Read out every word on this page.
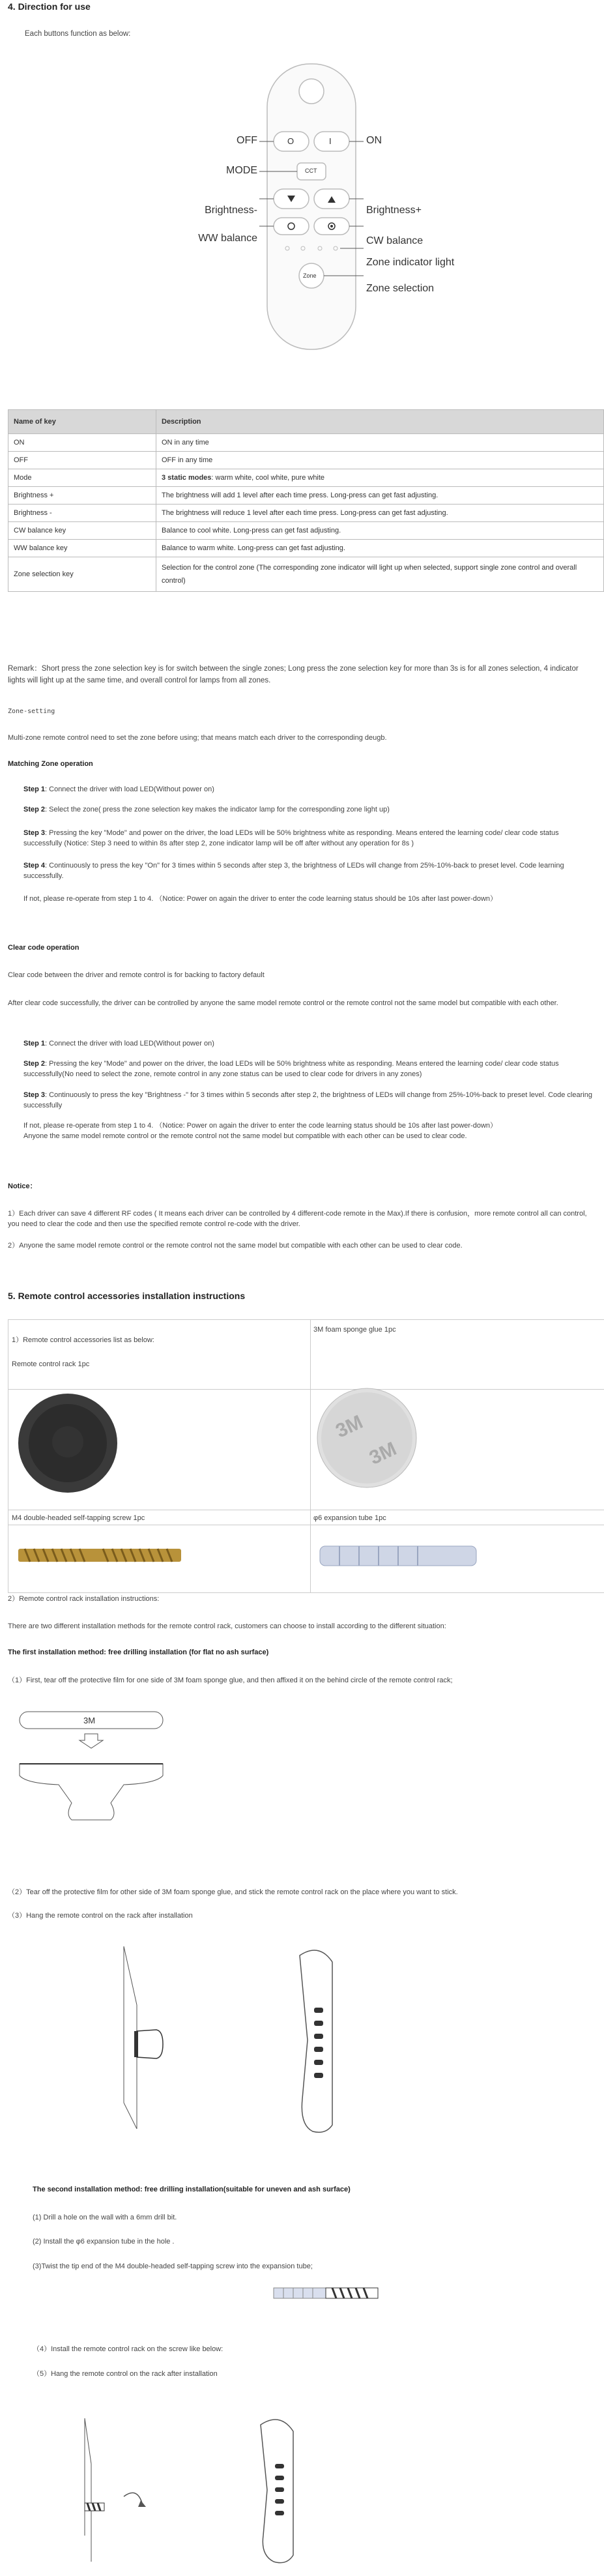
4. Direction for use
Each buttons function as below:
O	I
CCT
Zone
OFF	ON
MODE
Brightness-	Brightness+
WW balance	CW balance
Zone indicator light
Zone selection
Name of key	Description
ON	ON in any time
OFF	OFF in any time
Mode	3 static modes: warm white, cool white, pure white
Brightness +	The brightness will add 1 level after each time press. Long-press can get fast adjusting.
Brightness -	The brightness will reduce 1 level after each time press. Long-press can get fast adjusting.
CW balance key	Balance to cool white. Long-press can get fast adjusting.
WW balance key	Balance to warm white. Long-press can get fast adjusting.
Zone selection key	Selection for the control zone (The corresponding zone indicator will light up when selected, support single zone control and overall control)
Remark：Short press the zone selection key is for switch between the single zones; Long press the zone selection key for more than 3s is for all zones selection, 4 indicator lights will light up at the same time, and overall control for lamps from all zones.
Zone-setting
Multi-zone remote control need to set the zone before using; that means match each driver to the corresponding deugb.
Matching Zone operation
Step 1: Connect the driver with load LED(Without power on)
Step 2: Select the zone( press the zone selection key makes the indicator lamp for the corresponding zone light up)
Step 3: Pressing the key "Mode" and power on the driver, the load LEDs will be 50% brightness white as responding. Means entered the learning code/ clear code status successfully (Notice: Step 3 need to within 8s after step 2, zone indicator lamp will be off after without any operation for 8s )
Step 4: Continuously to press the key "On" for 3 times within 5 seconds after step 3, the brightness of LEDs will change from 25%-10%-back to preset level. Code learning successfully.
If not, please re-operate from step 1 to 4. （Notice: Power on again the driver to enter the code learning status should be 10s after last power-down）
Clear code operation
Clear code between the driver and remote control is for backing to factory default
After clear code successfully, the driver can be controlled by anyone the same model remote control or the remote control not the same model but compatible with each other.
Step 1: Connect the driver with load LED(Without power on)
Step 2: Pressing the key "Mode" and power on the driver, the load LEDs will be 50% brightness white as responding. Means entered the learning code/ clear code status successfully(No need to select the zone, remote control in any zone status can be used to clear code for drivers in any zones)
Step 3: Continuously to press the key "Brightness -" for 3 times within 5 seconds after step 2, the brightness of LEDs will change from 25%-10%-back to preset level. Code clearing successfully
If not, please re-operate from step 1 to 4. （Notice: Power on again the driver to enter the code learning status should be 10s after last power-down）
Anyone the same model remote control or the remote control not the same model but compatible with each other can be used to clear code.
Notice：
1）Each driver can save 4 different RF codes ( It means each driver can be controlled by 4 different-code remote in the Max).If there is confusion，more remote control all can control, you need to clear the code and then use the specified remote control re-code with the driver.
2）Anyone the same model remote control or the remote control not the same model but compatible with each other can be used to clear code.
5. Remote control accessories installation instructions
1）Remote control accessories list as below:
Remote control rack 1pc
3M foam sponge glue 1pc
M4 double-headed self-tapping screw 1pc	φ6 expansion tube 1pc
3M
3M
2）Remote control rack installation instructions:
There are two different installation methods for the remote control rack, customers can choose to install according to the different situation:
The first installation method: free drilling installation (for flat no ash surface)
（1）First, tear off the protective film for one side of 3M foam sponge glue, and then affixed it on the behind circle of the remote control rack;
3M
（2）Tear off the protective film for other side of 3M foam sponge glue, and stick the remote control rack on the place where you want to stick.
（3）Hang the remote control on the rack after installation
The second installation method: free drilling installation(suitable for uneven and ash surface)
(1) Drill a hole on the wall with a 6mm drill bit.
(2) Install the φ6 expansion tube in the hole .
(3)Twist the tip end of the M4 double-headed self-tapping screw into the expansion tube;
（4）Install the remote control rack on the screw like below:
（5）Hang the remote control on the rack after installation
